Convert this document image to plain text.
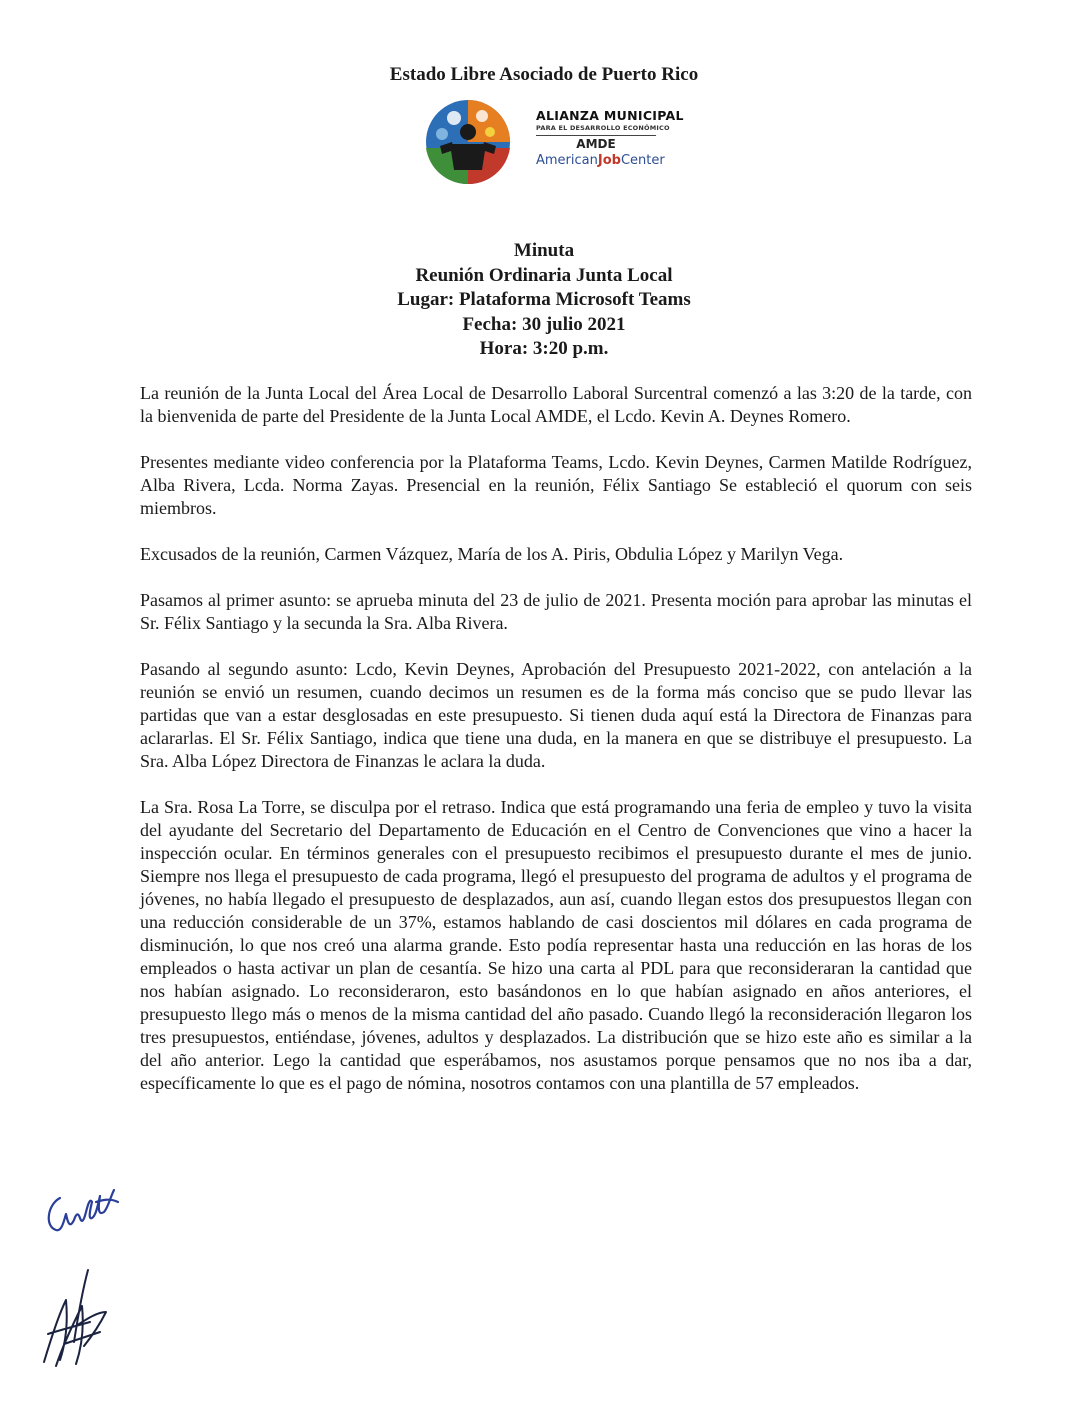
Estado Libre Asociado de Puerto Rico
ALIANZA MUNICIPAL
PARA EL DESARROLLO ECONÓMICO
AMDE
AmericanJobCenter
Minuta
Reunión Ordinaria Junta Local
Lugar: Plataforma Microsoft Teams
Fecha: 30 julio 2021
Hora: 3:20 p.m.

La reunión de la Junta Local del Área Local de Desarrollo Laboral Surcentral comenzó a las 3:20 de la tarde, con la bienvenida de parte del Presidente de la Junta Local AMDE, el Lcdo. Kevin A. Deynes Romero.

Presentes mediante video conferencia por la Plataforma Teams, Lcdo. Kevin Deynes, Carmen Matilde Rodríguez, Alba Rivera, Lcda. Norma Zayas. Presencial en la reunión, Félix Santiago Se estableció el quorum con seis miembros.

Excusados de la reunión, Carmen Vázquez, María de los A. Piris, Obdulia López y Marilyn Vega.

Pasamos al primer asunto: se aprueba minuta del 23 de julio de 2021. Presenta moción para aprobar las minutas el Sr. Félix Santiago y la secunda la Sra. Alba Rivera.

Pasando al segundo asunto: Lcdo, Kevin Deynes, Aprobación del Presupuesto 2021-2022, con antelación a la reunión se envió un resumen, cuando decimos un resumen es de la forma más conciso que se pudo llevar las partidas que van a estar desglosadas en este presupuesto. Si tienen duda aquí está la Directora de Finanzas para aclararlas. El Sr. Félix Santiago, indica que tiene una duda, en la manera en que se distribuye el presupuesto. La Sra. Alba López Directora de Finanzas le aclara la duda.

La Sra. Rosa La Torre, se disculpa por el retraso. Indica que está programando una feria de empleo y tuvo la visita del ayudante del Secretario del Departamento de Educación en el Centro de Convenciones que vino a hacer la inspección ocular. En términos generales con el presupuesto recibimos el presupuesto durante el mes de junio. Siempre nos llega el presupuesto de cada programa, llegó el presupuesto del programa de adultos y el programa de jóvenes, no había llegado el presupuesto de desplazados, aun así, cuando llegan estos dos presupuestos llegan con una reducción considerable de un 37%, estamos hablando de casi doscientos mil dólares en cada programa de disminución, lo que nos creó una alarma grande. Esto podía representar hasta una reducción en las horas de los empleados o hasta activar un plan de cesantía. Se hizo una carta al PDL para que reconsideraran la cantidad que nos habían asignado. Lo reconsideraron, esto basándonos en lo que habían asignado en años anteriores, el presupuesto llego más o menos de la misma cantidad del año pasado. Cuando llegó la reconsideración llegaron los tres presupuestos, entiéndase, jóvenes, adultos y desplazados. La distribución que se hizo este año es similar a la del año anterior. Lego la cantidad que esperábamos, nos asustamos porque pensamos que no nos iba a dar, específicamente lo que es el pago de nómina, nosotros contamos con una plantilla de 57 empleados.
